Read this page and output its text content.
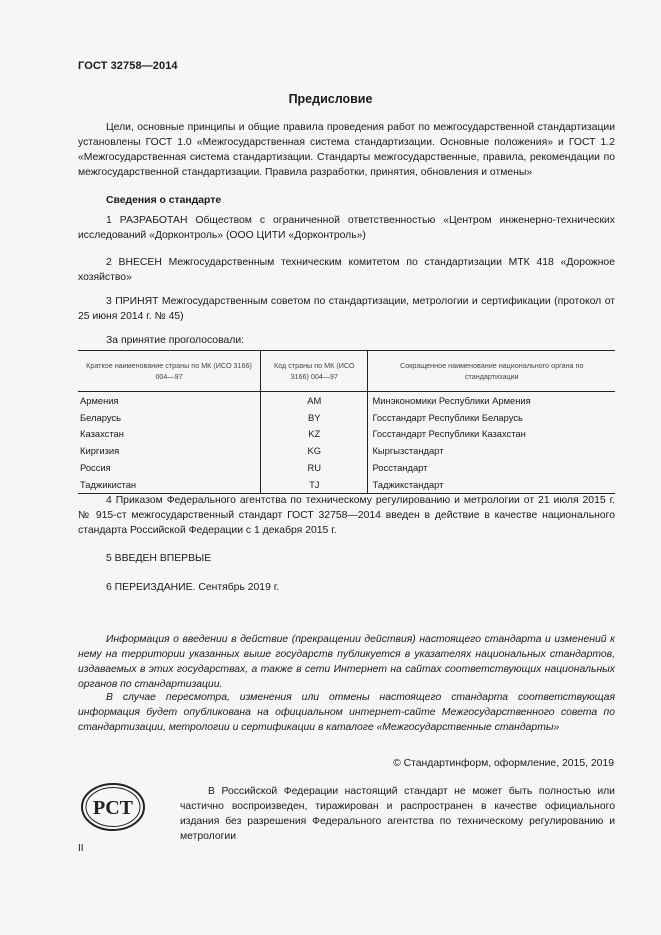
ГОСТ 32758—2014
Предисловие
Цели, основные принципы и общие правила проведения работ по межгосударственной стандартизации установлены ГОСТ 1.0 «Межгосударственная система стандартизации. Основные положения» и ГОСТ 1.2 «Межгосударственная система стандартизации. Стандарты межгосударственные, правила, рекомендации по межгосударственной стандартизации. Правила разработки, принятия, обновления и отмены»
Сведения о стандарте
1 РАЗРАБОТАН Обществом с ограниченной ответственностью «Центром инженерно-технических исследований «Дорконтроль» (ООО ЦИТИ «Дорконтроль»)
2 ВНЕСЕН Межгосударственным техническим комитетом по стандартизации МТК 418 «Дорожное хозяйство»
3 ПРИНЯТ Межгосударственным советом по стандартизации, метрологии и сертификации (протокол от 25 июня 2014 г. № 45)
За принятие проголосовали:
Краткое наименование страны по МК (ИСО 3166) 004—97	Код страны по МК (ИСО 3166) 004—97	Сокращенное наименование национального органа по стандартизации
Армения	AM	Минэкономики Республики Армения
Беларусь	BY	Госстандарт Республики Беларусь
Казахстан	KZ	Госстандарт Республики Казахстан
Киргизия	KG	Кыргызстандарт
Россия	RU	Росстандарт
Таджикистан	TJ	Таджикстандарт
4 Приказом Федерального агентства по техническому регулированию и метрологии от 21 июля 2015 г. № 915-ст межгосударственный стандарт ГОСТ 32758—2014 введен в действие в качестве национального стандарта Российской Федерации с 1 декабря 2015 г.
5 ВВЕДЕН ВПЕРВЫЕ
6 ПЕРЕИЗДАНИЕ. Сентябрь 2019 г.
Информация о введении в действие (прекращении действия) настоящего стандарта и изменений к нему на территории указанных выше государств публикуется в указателях национальных стандартов, издаваемых в этих государствах, а также в сети Интернет на сайтах соответствующих национальных органов по стандартизации.
В случае пересмотра, изменения или отмены настоящего стандарта соответствующая информация будет опубликована на официальном интернет-сайте Межгосударственного совета по стандартизации, метрологии и сертификации в каталоге «Межгосударственные стандарты»
© Стандартинформ, оформление, 2015, 2019
PCT
В Российской Федерации настоящий стандарт не может быть полностью или частично воспроизведен, тиражирован и распространен в качестве официального издания без разрешения Федерального агентства по техническому регулированию и метрологии
II
